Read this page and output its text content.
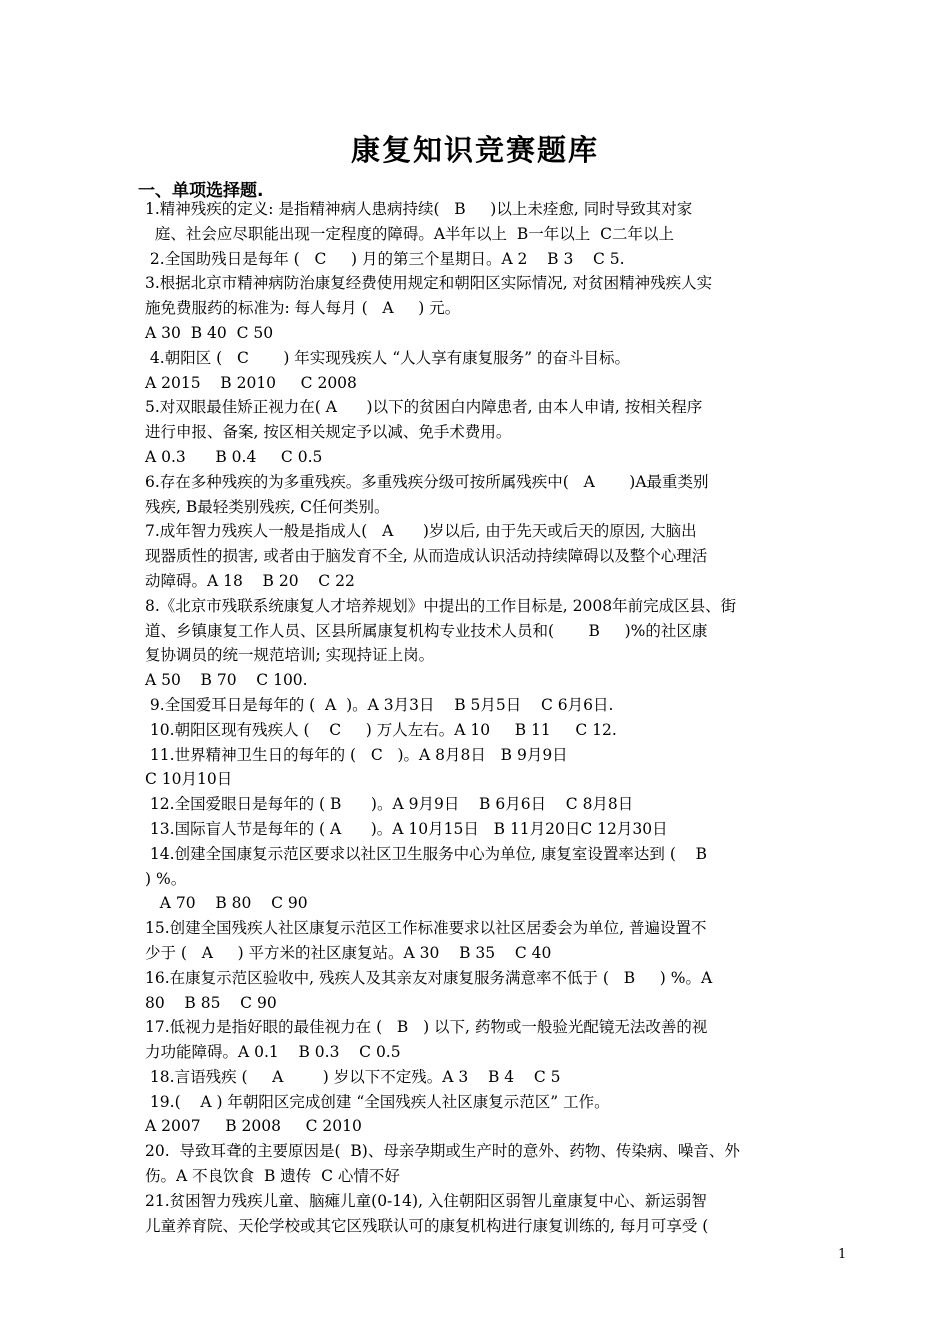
康复知识竞赛题库
一、单项选择题.

1.精神残疾的定义: 是指精神病人患病持续(   B     )以上未痊愈, 同时导致其对家

庭、社会应尽职能出现一定程度的障碍。A半年以上  B一年以上  C二年以上

2.全国助残日是每年 (   C     ) 月的第三个星期日。A 2    B 3    C 5.

3.根据北京市精神病防治康复经费使用规定和朝阳区实际情况, 对贫困精神残疾人实

施免费服药的标准为: 每人每月 (   A     ) 元。

A 30  B 40  C 50

4.朝阳区 (   C       ) 年实现残疾人 “人人享有康复服务” 的奋斗目标。

A 2015    B 2010     C 2008

5.对双眼最佳矫正视力在( A      )以下的贫困白内障患者, 由本人申请, 按相关程序

进行申报、备案, 按区相关规定予以减、免手术费用。

A 0.3      B 0.4     C 0.5

6.存在多种残疾的为多重残疾。多重残疾分级可按所属残疾中(   A       )A最重类别

残疾, B最轻类别残疾, C任何类别。

7.成年智力残疾人一般是指成人(   A      )岁以后, 由于先天或后天的原因, 大脑出

现器质性的损害, 或者由于脑发育不全, 从而造成认识活动持续障碍以及整个心理活

动障碍。A 18    B 20    C 22

8.《北京市残联系统康复人才培养规划》中提出的工作目标是, 2008年前完成区县、街

道、乡镇康复工作人员、区县所属康复机构专业技术人员和(       B     )%的社区康

复协调员的统一规范培训; 实现持证上岗。

A 50    B 70    C 100.

9.全国爱耳日是每年的 (  A  )。A 3月3日    B 5月5日    C 6月6日.

10.朝阳区现有残疾人 (    C     ) 万人左右。A 10     B 11     C 12.

11.世界精神卫生日的每年的 (   C   )。A 8月8日   B 9月9日

C 10月10日

12.全国爱眼日是每年的 ( B      )。A 9月9日    B 6月6日    C 8月8日

13.国际盲人节是每年的 ( A      )。A 10月15日   B 11月20日C 12月30日

14.创建全国康复示范区要求以社区卫生服务中心为单位, 康复室设置率达到 (    B

) %。

A 70    B 80    C 90

15.创建全国残疾人社区康复示范区工作标准要求以社区居委会为单位, 普遍设置不

少于 (   A     ) 平方米的社区康复站。A 30    B 35    C 40

16.在康复示范区验收中, 残疾人及其亲友对康复服务满意率不低于 (   B     ) %。A

80    B 85    C 90

17.低视力是指好眼的最佳视力在 (   B   ) 以下, 药物或一般验光配镜无法改善的视

力功能障碍。A 0.1    B 0.3    C 0.5

18.言语残疾 (     A        ) 岁以下不定残。A 3    B 4    C 5

19.(    A ) 年朝阳区完成创建 “全国残疾人社区康复示范区” 工作。

A 2007     B 2008     C 2010

20.  导致耳聋的主要原因是(  B)、母亲孕期或生产时的意外、药物、传染病、噪音、外

伤。A 不良饮食  B 遗传  C 心情不好

21.贫困智力残疾儿童、脑瘫儿童(0-14), 入住朝阳区弱智儿童康复中心、新运弱智

儿童养育院、天伦学校或其它区残联认可的康复机构进行康复训练的, 每月可享受 (

1
